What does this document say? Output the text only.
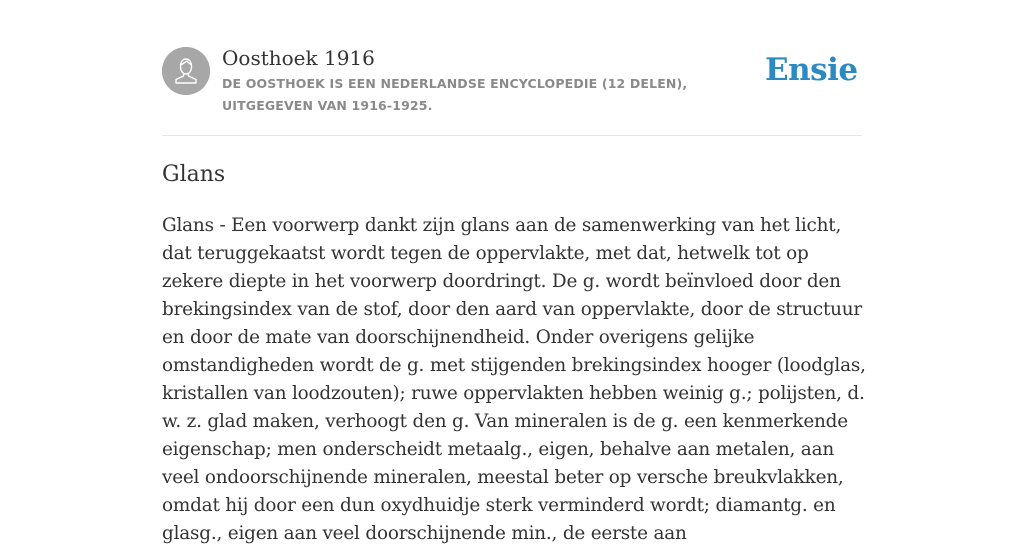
Oosthoek 1916

DE OOSTHOEK IS EEN NEDERLANDSE ENCYCLOPEDIE (12 DELEN), UITGEGEVEN VAN 1916-1925.

Ensie
Glans

Glans - Een voorwerp dankt zijn glans aan de samenwerking van het licht, dat teruggekaatst wordt tegen de oppervlakte, met dat, hetwelk tot op zekere diepte in het voorwerp doordringt. De g. wordt beïnvloed door den brekingsindex van de stof, door den aard van oppervlakte, door de structuur en door de mate van doorschijnendheid. Onder overigens gelijke omstandigheden wordt de g. met stijgenden brekingsindex hooger (loodglas, kristallen van loodzouten); ruwe oppervlakten hebben weinig g.; polijsten, d. w. z. glad maken, verhoogt den g. Van mineralen is de g. een kenmerkende eigenschap; men onderscheidt metaalg., eigen, behalve aan metalen, aan veel ondoorschijnende mineralen, meestal beter op versche breukvlakken, omdat hij door een dun oxydhuidje sterk verminderd wordt; diamantg. en glasg., eigen aan veel doorschijnende min., de eerste aan
